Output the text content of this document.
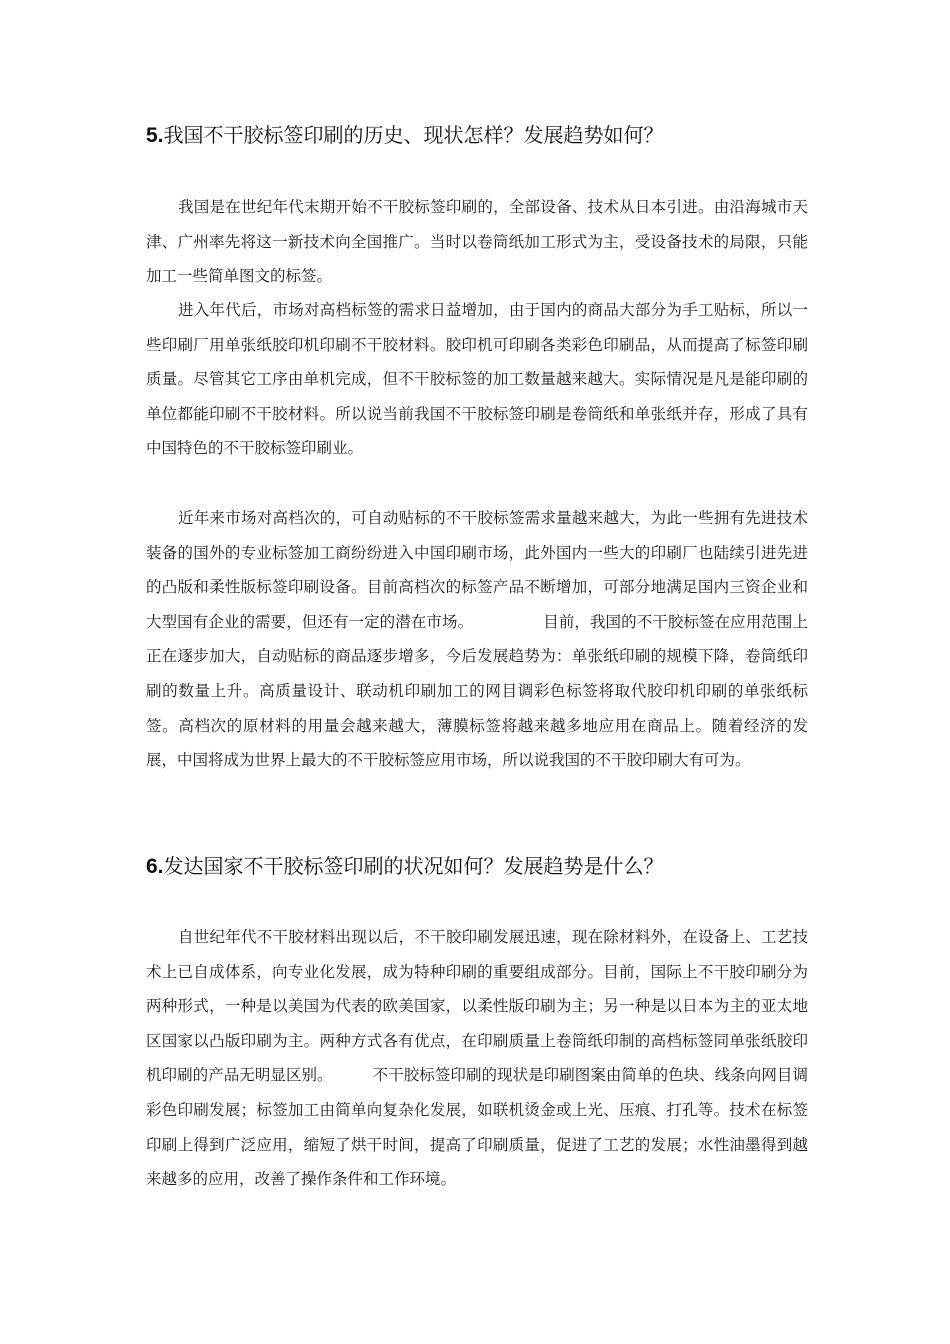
5.我国不干胶标签印刷的历史、现状怎样？发展趋势如何？

我国是在世纪年代末期开始不干胶标签印刷的，全部设备、技术从日本引进。由沿海城市天津、广州率先将这一新技术向全国推广。当时以卷筒纸加工形式为主，受设备技术的局限，只能加工一些简单图文的标签。

进入年代后，市场对高档标签的需求日益增加，由于国内的商品大部分为手工贴标，所以一些印刷厂用单张纸胶印机印刷不干胶材料。胶印机可印刷各类彩色印刷品，从而提高了标签印刷质量。尽管其它工序由单机完成，但不干胶标签的加工数量越来越大。实际情况是凡是能印刷的单位都能印刷不干胶材料。所以说当前我国不干胶标签印刷是卷筒纸和单张纸并存，形成了具有中国特色的不干胶标签印刷业。

近年来市场对高档次的，可自动贴标的不干胶标签需求量越来越大，为此一些拥有先进技术装备的国外的专业标签加工商纷纷进入中国印刷市场，此外国内一些大的印刷厂也陆续引进先进的凸版和柔性版标签印刷设备。目前高档次的标签产品不断增加，可部分地满足国内三资企业和大型国有企业的需要，但还有一定的潜在市场。	目前，我国的不干胶标签在应用范围上正在逐步加大，自动贴标的商品逐步增多，今后发展趋势为：单张纸印刷的规模下降，卷筒纸印刷的数量上升。高质量设计、联动机印刷加工的网目调彩色标签将取代胶印机印刷的单张纸标签。高档次的原材料的用量会越来越大，薄膜标签将越来越多地应用在商品上。随着经济的发展，中国将成为世界上最大的不干胶标签应用市场，所以说我国的不干胶印刷大有可为。

6.发达国家不干胶标签印刷的状况如何？发展趋势是什么？

自世纪年代不干胶材料出现以后，不干胶印刷发展迅速，现在除材料外，在设备上、工艺技术上已自成体系，向专业化发展，成为特种印刷的重要组成部分。目前，国际上不干胶印刷分为两种形式，一种是以美国为代表的欧美国家，以柔性版印刷为主；另一种是以日本为主的亚太地区国家以凸版印刷为主。两种方式各有优点，在印刷质量上卷筒纸印制的高档标签同单张纸胶印机印刷的产品无明显区别。	不干胶标签印刷的现状是印刷图案由简单的色块、线条向网目调彩色印刷发展；标签加工由简单向复杂化发展，如联机烫金或上光、压痕、打孔等。技术在标签印刷上得到广泛应用，缩短了烘干时间，提高了印刷质量，促进了工艺的发展；水性油墨得到越来越多的应用，改善了操作条件和工作环境。
